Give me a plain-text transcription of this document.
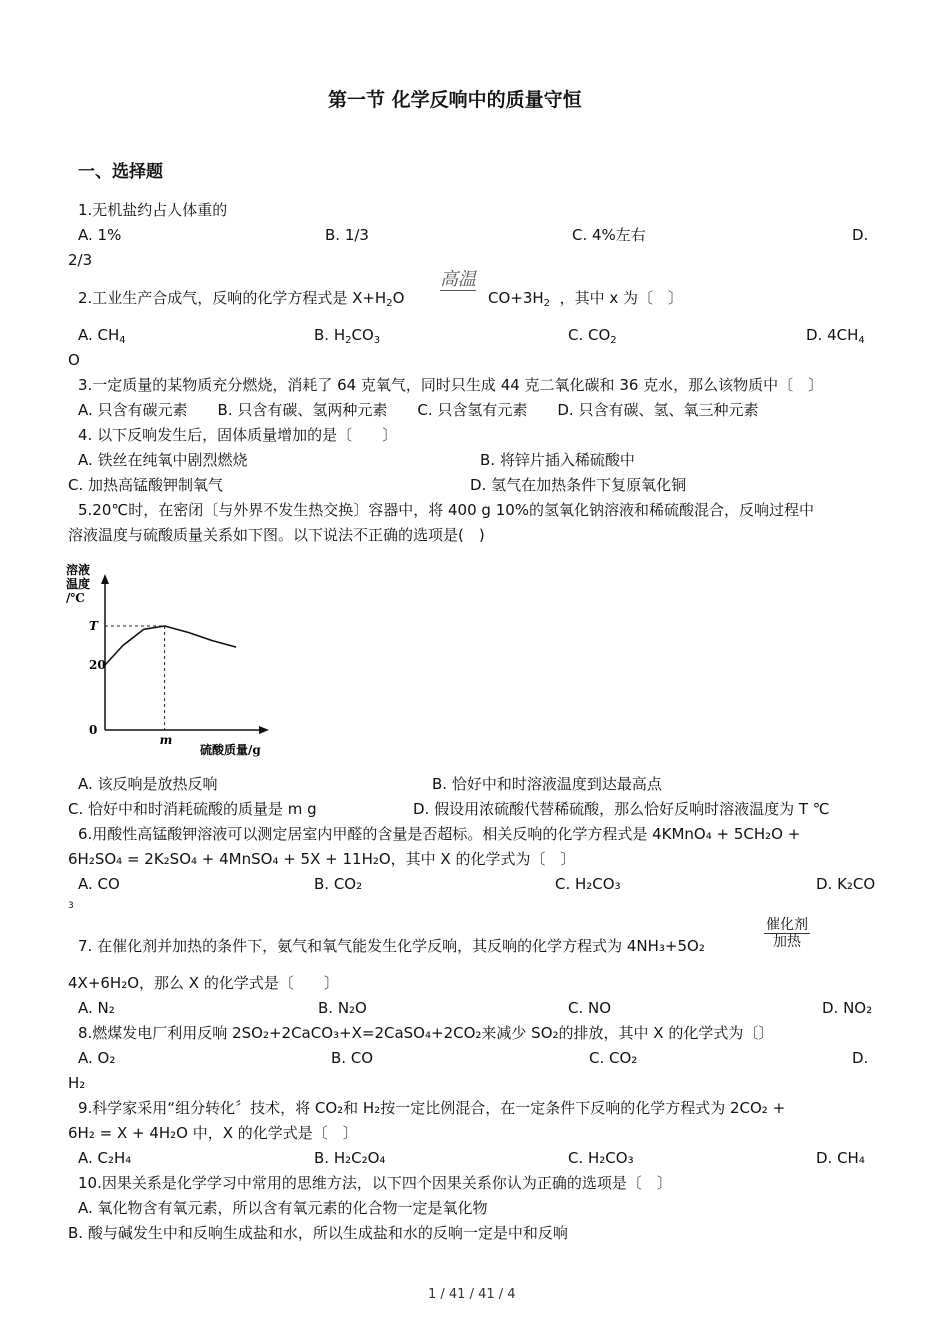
第一节 化学反响中的质量守恒
一、选择题
1.无机盐约占人体重的
A. 1%	B. 1/3	C. 4%左右	D.
2/3
2.工业生产合成气，反响的化学方程式是 $X+H_2O$
高温
$CO+3H_2$ ，其中 x 为〔　〕
A. $CH_4$	B. $H_2CO_3$	C. $CO_2$	D. $4CH_4$
O
3.一定质量的某物质充分燃烧，消耗了 64 克氧气，同时只生成 44 克二氧化碳和 36 克水，那么该物质中〔　〕
A. 只含有碳元素　　B. 只含有碳、氢两种元素　　C. 只含氢有元素　　D. 只含有碳、氢、氧三种元素
4. 以下反响发生后，固体质量增加的是〔　　〕
A. 铁丝在纯氧中剧烈燃烧	B. 将锌片插入稀硫酸中
C. 加热高锰酸钾制氧气	D. 氢气在加热条件下复原氧化铜
5.20℃时，在密闭〔与外界不发生热交换〕容器中，将 400 g 10%的氢氧化钠溶液和稀硫酸混合，反响过程中
溶液温度与硫酸质量关系如下图。以下说法不正确的选项是(　)
溶液
温度
/℃
硫酸质量/g
T
20
0
m
A. 该反响是放热反响	B. 恰好中和时溶液温度到达最高点
C. 恰好中和时消耗硫酸的质量是 m g	D. 假设用浓硫酸代替稀硫酸，那么恰好反响时溶液温度为 T ℃
6.用酸性高锰酸钾溶液可以测定居室内甲醛的含量是否超标。相关反响的化学方程式是 4KMnO₄ + 5CH₂O +
6H₂SO₄ = 2K₂SO₄ + 4MnSO₄ + 5X + 11H₂O，其中 X 的化学式为〔　〕
A. CO	B. CO₂	C. H₂CO₃	D. K₂CO
3
7. 在催化剂并加热的条件下，氨气和氧气能发生化学反响，其反响的化学方程式为 4NH₃+5O₂
催化剂
加热
4X+6H₂O，那么 X 的化学式是〔　　〕
A. N₂	B. N₂O	C. NO	D. NO₂
8.燃煤发电厂利用反响 2SO₂+2CaCO₃+X=2CaSO₄+2CO₂来减少 SO₂的排放，其中 X 的化学式为〔〕
A. O₂	B. CO	C. CO₂	D.
H₂
9.科学家采用“组分转化〞技术，将 CO₂和 H₂按一定比例混合，在一定条件下反响的化学方程式为 2CO₂ +
6H₂ = X + 4H₂O 中，X 的化学式是〔　〕
A. C₂H₄	B. H₂C₂O₄	C. H₂CO₃	D. CH₄
10.因果关系是化学学习中常用的思维方法，以下四个因果关系你认为正确的选项是〔　〕
A. 氧化物含有氧元素，所以含有氧元素的化合物一定是氧化物
B. 酸与碱发生中和反响生成盐和水，所以生成盐和水的反响一定是中和反响
1 / 41 / 41 / 4
